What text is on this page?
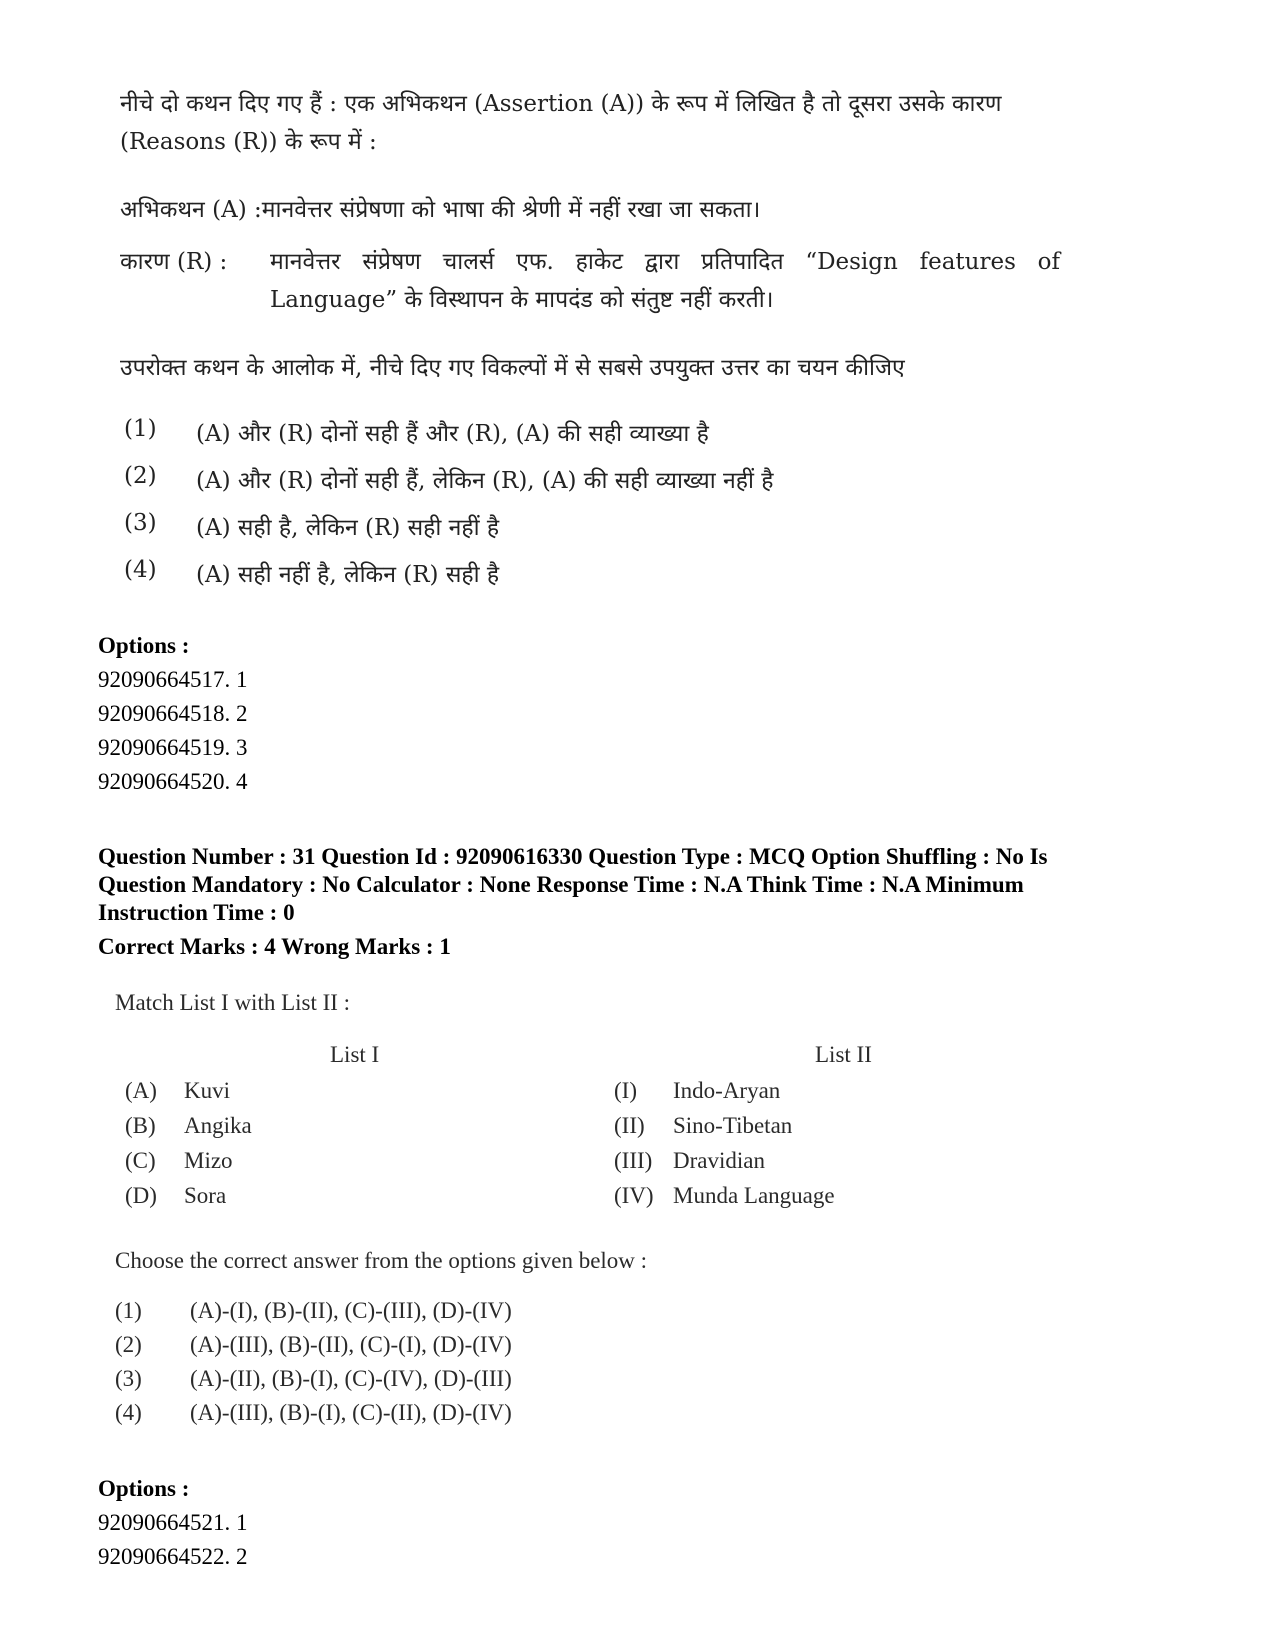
नीचे दो कथन दिए गए हैं : एक अभिकथन (Assertion (A)) के रूप में लिखित है तो दूसरा उसके कारण
(Reasons (R)) के रूप में :
अभिकथन (A) :मानवेत्तर संप्रेषणा को भाषा की श्रेणी में नहीं रखा जा सकता।
कारण (R) : मानवेत्तर संप्रेषण चालर्स एफ. हाकेट द्वारा प्रतिपादित “Design features of
Language” के विस्थापन के मापदंड को संतुष्ट नहीं करती।
उपरोक्त कथन के आलोक में, नीचे दिए गए विकल्पों में से सबसे उपयुक्त उत्तर का चयन कीजिए
(1) (A) और (R) दोनों सही हैं और (R), (A) की सही व्याख्या है
(2) (A) और (R) दोनों सही हैं, लेकिन (R), (A) की सही व्याख्या नहीं है
(3) (A) सही है, लेकिन (R) सही नहीं है
(4) (A) सही नहीं है, लेकिन (R) सही है
Options :
92090664517. 1
92090664518. 2
92090664519. 3
92090664520. 4
Question Number : 31 Question Id : 92090616330 Question Type : MCQ Option Shuffling : No Is
Question Mandatory : No Calculator : None Response Time : N.A Think Time : N.A Minimum
Instruction Time : 0
Correct Marks : 4 Wrong Marks : 1
Match List I with List II :
List I	List II
(A) Kuvi	(I) Indo-Aryan
(B) Angika	(II) Sino-Tibetan
(C) Mizo	(III) Dravidian
(D) Sora	(IV) Munda Language
Choose the correct answer from the options given below :
(1) (A)-(I), (B)-(II), (C)-(III), (D)-(IV)
(2) (A)-(III), (B)-(II), (C)-(I), (D)-(IV)
(3) (A)-(II), (B)-(I), (C)-(IV), (D)-(III)
(4) (A)-(III), (B)-(I), (C)-(II), (D)-(IV)
Options :
92090664521. 1
92090664522. 2
